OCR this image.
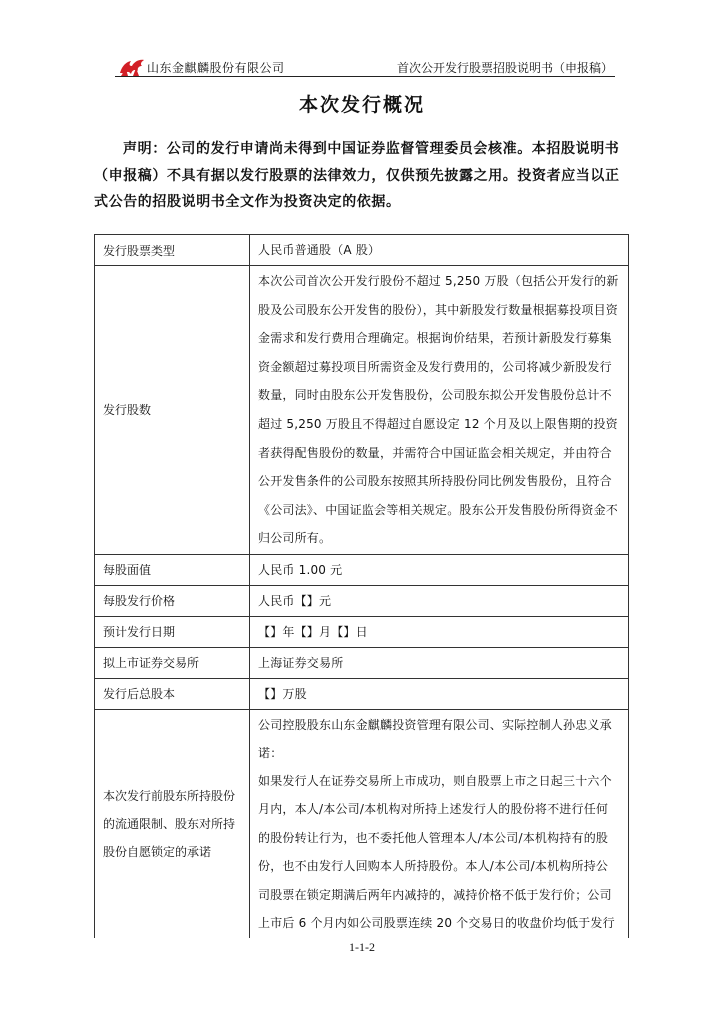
山东金麒麟股份有限公司	首次公开发行股票招股说明书（申报稿）
本次发行概况

声明：公司的发行申请尚未得到中国证券监督管理委员会核准。本招股说明书（申报稿）不具有据以发行股票的法律效力，仅供预先披露之用。投资者应当以正式公告的招股说明书全文作为投资决定的依据。

发行股票类型	人民币普通股（A 股）
发行股数	本次公司首次公开发行股份不超过 5,250 万股（包括公开发行的新股及公司股东公开发售的股份），其中新股发行数量根据募投项目资金需求和发行费用合理确定。根据询价结果，若预计新股发行募集资金额超过募投项目所需资金及发行费用的，公司将减少新股发行数量，同时由股东公开发售股份，公司股东拟公开发售股份总计不超过 5,250 万股且不得超过自愿设定 12 个月及以上限售期的投资者获得配售股份的数量，并需符合中国证监会相关规定，并由符合公开发售条件的公司股东按照其所持股份同比例发售股份，且符合《公司法》、中国证监会等相关规定。股东公开发售股份所得资金不归公司所有。
每股面值	人民币 1.00 元
每股发行价格	人民币【】元
预计发行日期	【】年【】月【】日
拟上市证券交易所	上海证券交易所
发行后总股本	【】万股
本次发行前股东所持股份的流通限制、股东对所持股份自愿锁定的承诺	公司控股股东山东金麒麟投资管理有限公司、实际控制人孙忠义承诺：
如果发行人在证券交易所上市成功，则自股票上市之日起三十六个月内，本人/本公司/本机构对所持上述发行人的股份将不进行任何的股份转让行为，也不委托他人管理本人/本公司/本机构持有的股份，也不由发行人回购本人所持股份。本人/本公司/本机构所持公司股票在锁定期满后两年内减持的，减持价格不低于发行价；公司上市后 6 个月内如公司股票连续 20 个交易日的收盘价均低于发行
1-1-2
